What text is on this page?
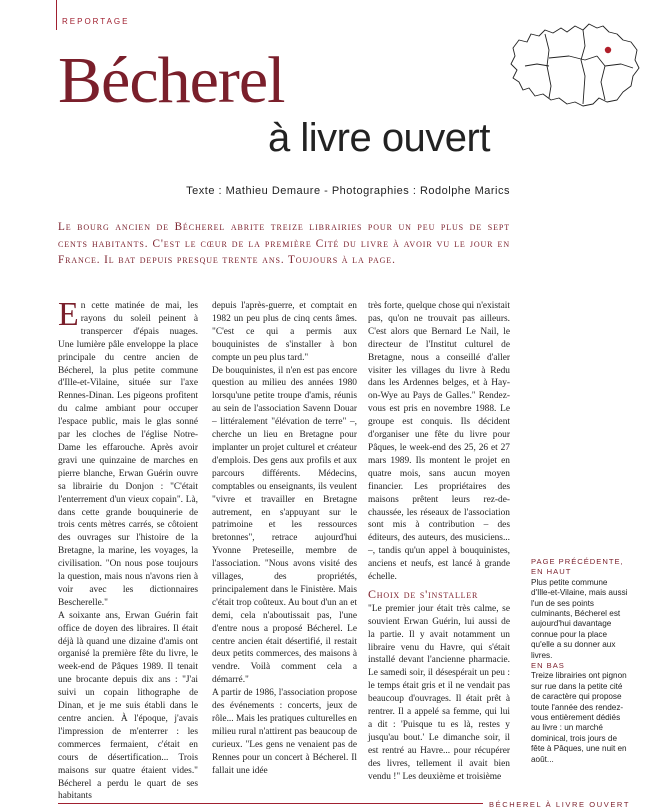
REPORTAGE
Bécherel
à livre ouvert
Texte : Mathieu Demaure - Photographies : Rodolphe Marics
Le bourg ancien de Bécherel abrite treize librairies pour un peu plus de sept cents habitants. C'est le cœur de la première Cité du livre à avoir vu le jour en France. Il bat depuis presque trente ans. Toujours à la page.

En cette matinée de mai, les rayons du soleil peinent à transpercer d'épais nuages. Une lumière pâle enveloppe la place principale du centre ancien de Bécherel, la plus petite commune d'Ille-et-Vilaine, située sur l'axe Rennes-Dinan. Les pigeons profitent du calme ambiant pour occuper l'espace public, mais le glas sonné par les cloches de l'église Notre-Dame les effarouche. Après avoir gravi une quinzaine de marches en pierre blanche, Erwan Guérin ouvre sa librairie du Donjon : "C'était l'enterrement d'un vieux copain". Là, dans cette grande bouquinerie de trois cents mètres carrés, se côtoient des ouvrages sur l'histoire de la Bretagne, la marine, les voyages, la civilisation. "On nous pose toujours la question, mais nous n'avons rien à voir avec les dictionnaires Bescherelle."

A soixante ans, Erwan Guérin fait office de doyen des libraires. Il était déjà là quand une dizaine d'amis ont organisé la première fête du livre, le week-end de Pâques 1989. Il tenait une brocante depuis dix ans : "J'ai suivi un copain lithographe de Dinan, et je me suis établi dans le centre ancien. À l'époque, j'avais l'impression de m'enterrer : les commerces fermaient, c'était en cours de désertification... Trois maisons sur quatre étaient vides." Bécherel a perdu le quart de ses habitants

depuis l'après-guerre, et comptait en 1982 un peu plus de cinq cents âmes. "C'est ce qui a permis aux bouquinistes de s'installer à bon compte un peu plus tard."

De bouquinistes, il n'en est pas encore question au milieu des années 1980 lorsqu'une petite troupe d'amis, réunis au sein de l'association Savenn Douar – littéralement "élévation de terre" –, cherche un lieu en Bretagne pour implanter un projet culturel et créateur d'emplois. Des gens aux profils et aux parcours différents. Médecins, comptables ou enseignants, ils veulent "vivre et travailler en Bretagne autrement, en s'appuyant sur le patrimoine et les ressources bretonnes", retrace aujourd'hui Yvonne Preteseille, membre de l'association. "Nous avons visité des villages, des propriétés, principalement dans le Finistère. Mais c'était trop coûteux. Au bout d'un an et demi, cela n'aboutissait pas, l'une d'entre nous a proposé Bécherel. Le centre ancien était désertifié, il restait deux petits commerces, des maisons à vendre. Voilà comment cela a démarré."

A partir de 1986, l'association propose des événements : concerts, jeux de rôle... Mais les pratiques culturelles en milieu rural n'attirent pas beaucoup de curieux. "Les gens ne venaient pas de Rennes pour un concert à Bécherel. Il fallait une idée

très forte, quelque chose qui n'existait pas, qu'on ne trouvait pas ailleurs. C'est alors que Bernard Le Nail, le directeur de l'Institut culturel de Bretagne, nous a conseillé d'aller visiter les villages du livre à Redu dans les Ardennes belges, et à Hay-on-Wye au Pays de Galles." Rendez-vous est pris en novembre 1988. Le groupe est conquis. Ils décident d'organiser une fête du livre pour Pâques, le week-end des 25, 26 et 27 mars 1989. Ils montent le projet en quatre mois, sans aucun moyen financier. Les propriétaires des maisons prêtent leurs rez-de-chaussée, les réseaux de l'association sont mis à contribution – des éditeurs, des auteurs, des musiciens... –, tandis qu'un appel à bouquinistes, anciens et neufs, est lancé à grande échelle.

Choix de s'installer

"Le premier jour était très calme, se souvient Erwan Guérin, lui aussi de la partie. Il y avait notamment un libraire venu du Havre, qui s'était installé devant l'ancienne pharmacie. Le samedi soir, il désespérait un peu : le temps était gris et il ne vendait pas beaucoup d'ouvrages. Il était prêt à rentrer. Il a appelé sa femme, qui lui a dit : 'Puisque tu es là, restes y jusqu'au bout.' Le dimanche soir, il est rentré au Havre... pour récupérer des livres, tellement il avait bien vendu !" Les deuxième et troisième

PAGE PRÉCÉDENTE, EN HAUT
Plus petite commune d'Ille-et-Vilaine, mais aussi l'un de ses points culminants, Bécherel est aujourd'hui davantage connue pour la place qu'elle a su donner aux livres.
EN BAS
Treize librairies ont pignon sur rue dans la petite cité de caractère qui propose toute l'année des rendez-vous entièrement dédiés au livre : un marché dominical, trois jours de fête à Pâques, une nuit en août...
BÉCHEREL À LIVRE OUVERT
